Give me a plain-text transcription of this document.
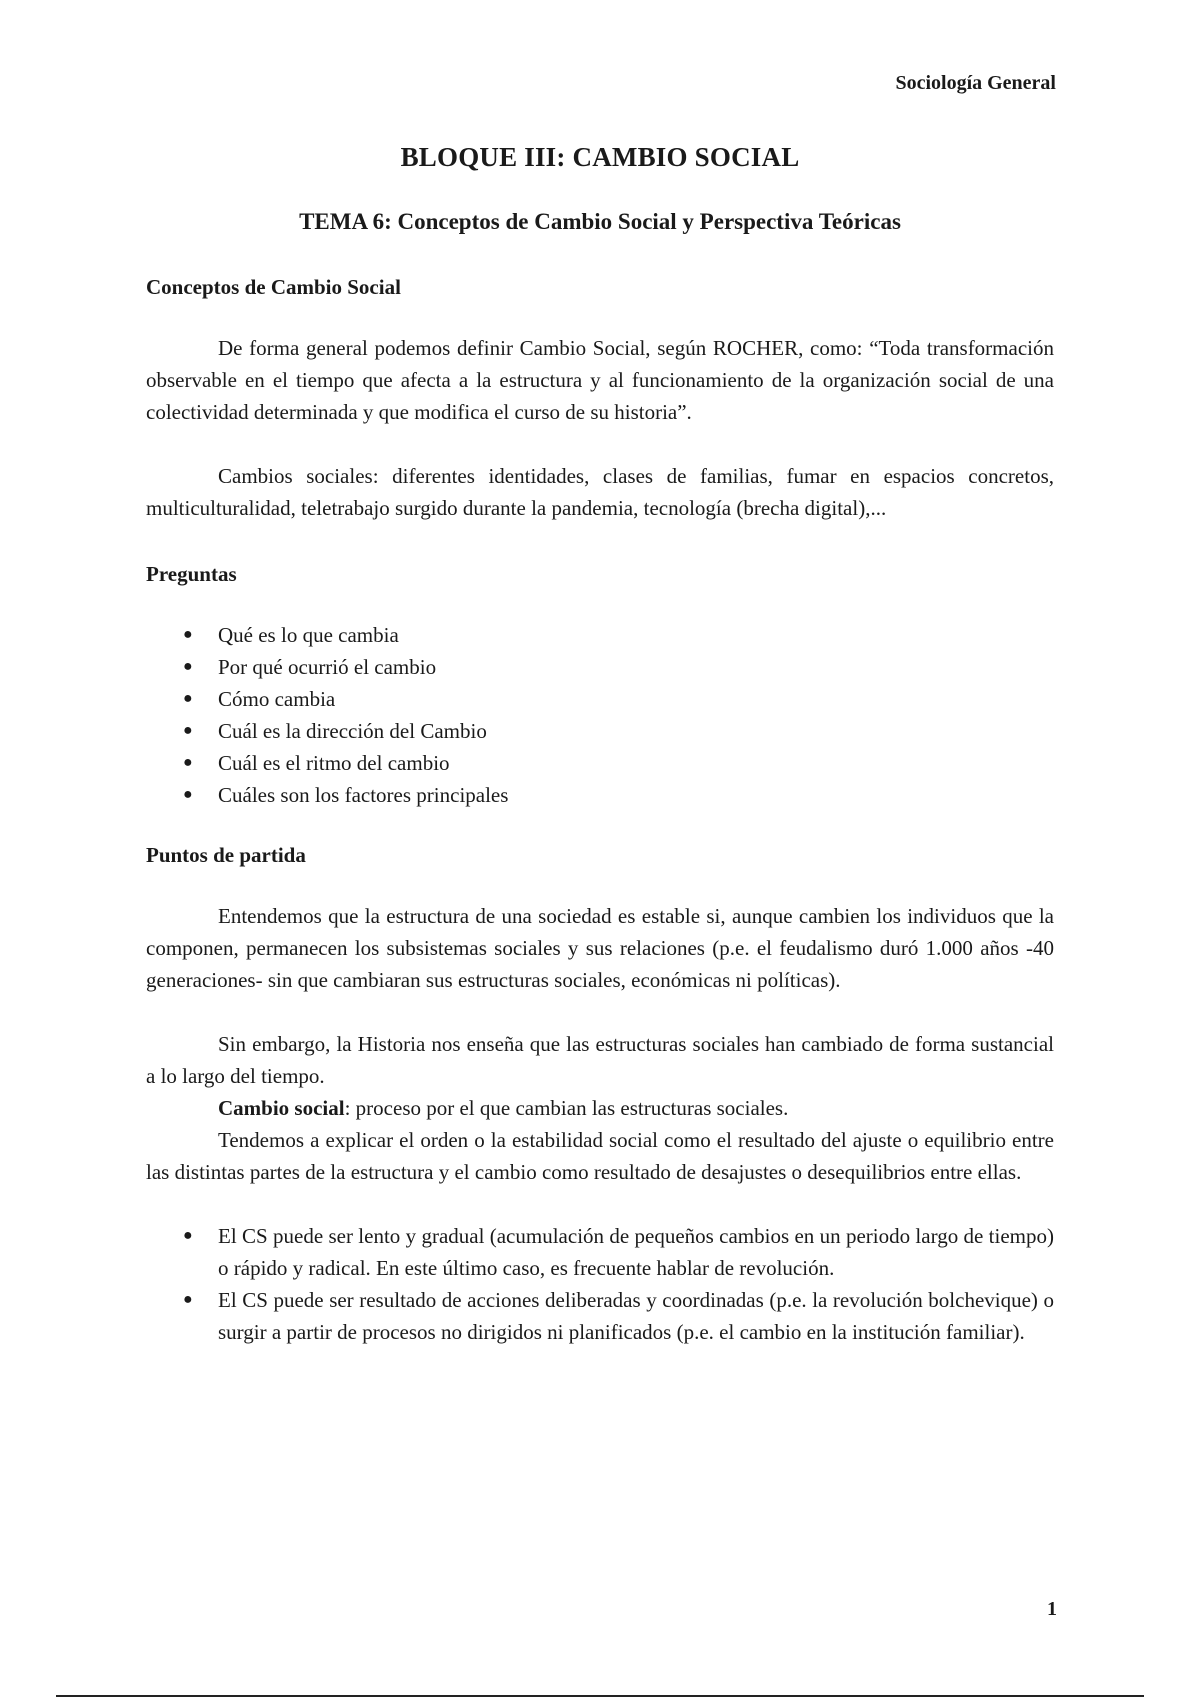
Sociología General
BLOQUE III: CAMBIO SOCIAL
TEMA 6: Conceptos de Cambio Social y Perspectiva Teóricas
Conceptos de Cambio Social

De forma general podemos definir Cambio Social, según ROCHER, como: “Toda transformación observable en el tiempo que afecta a la estructura y al funcionamiento de la organización social de una colectividad determinada y que modifica el curso de su historia”.

Cambios sociales: diferentes identidades, clases de familias, fumar en espacios concretos, multiculturalidad, teletrabajo surgido durante la pandemia, tecnología (brecha digital),...

Preguntas
● Qué es lo que cambia
● Por qué ocurrió el cambio
● Cómo cambia
● Cuál es la dirección del Cambio
● Cuál es el ritmo del cambio
● Cuáles son los factores principales
Puntos de partida

Entendemos que la estructura de una sociedad es estable si, aunque cambien los individuos que la componen, permanecen los subsistemas sociales y sus relaciones (p.e. el feudalismo duró 1.000 años -40 generaciones- sin que cambiaran sus estructuras sociales, económicas ni políticas).

Sin embargo, la Historia nos enseña que las estructuras sociales han cambiado de forma sustancial a lo largo del tiempo.

Cambio social: proceso por el que cambian las estructuras sociales.

Tendemos a explicar el orden o la estabilidad social como el resultado del ajuste o equilibrio entre las distintas partes de la estructura y el cambio como resultado de desajustes o desequilibrios entre ellas.

● El CS puede ser lento y gradual (acumulación de pequeños cambios en un periodo largo de tiempo) o rápido y radical. En este último caso, es frecuente hablar de revolución.
● El CS puede ser resultado de acciones deliberadas y coordinadas (p.e. la revolución bolchevique) o surgir a partir de procesos no dirigidos ni planificados (p.e. el cambio en la institución familiar).
1
